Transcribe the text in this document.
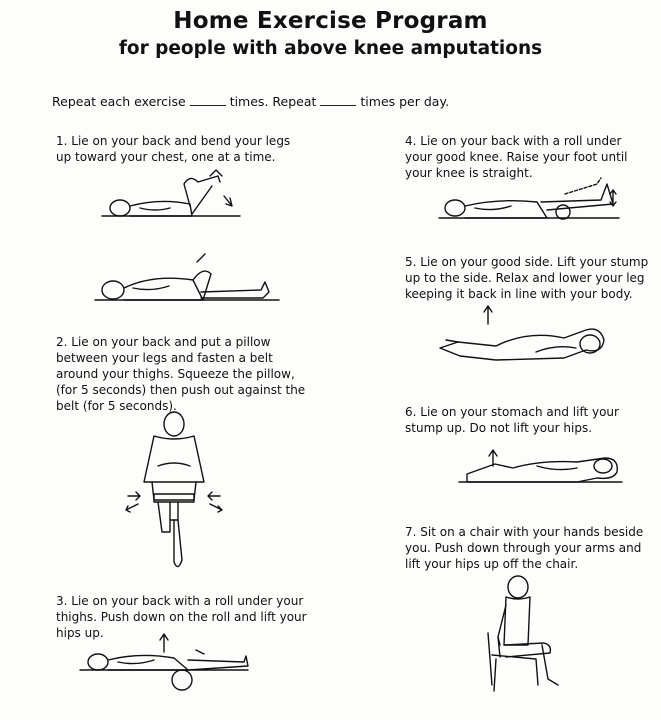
Home Exercise Program
for people with above knee amputations
Repeat each exercise	times. Repeat	times per day.
1. Lie on your back and bend your legs
up toward your chest, one at a time.
2. Lie on your back and put a pillow
between your legs and fasten a belt
around your thighs. Squeeze the pillow,
(for 5 seconds) then push out against the
belt (for 5 seconds).
3. Lie on your back with a roll under your
thighs. Push down on the roll and lift your
hips up.
4. Lie on your back with a roll under
your good knee. Raise your foot until
your knee is straight.
5. Lie on your good side. Lift your stump
up to the side. Relax and lower your leg
keeping it back in line with your body.
6. Lie on your stomach and lift your
stump up. Do not lift your hips.
7. Sit on a chair with your hands beside
you. Push down through your arms and
lift your hips up off the chair.
